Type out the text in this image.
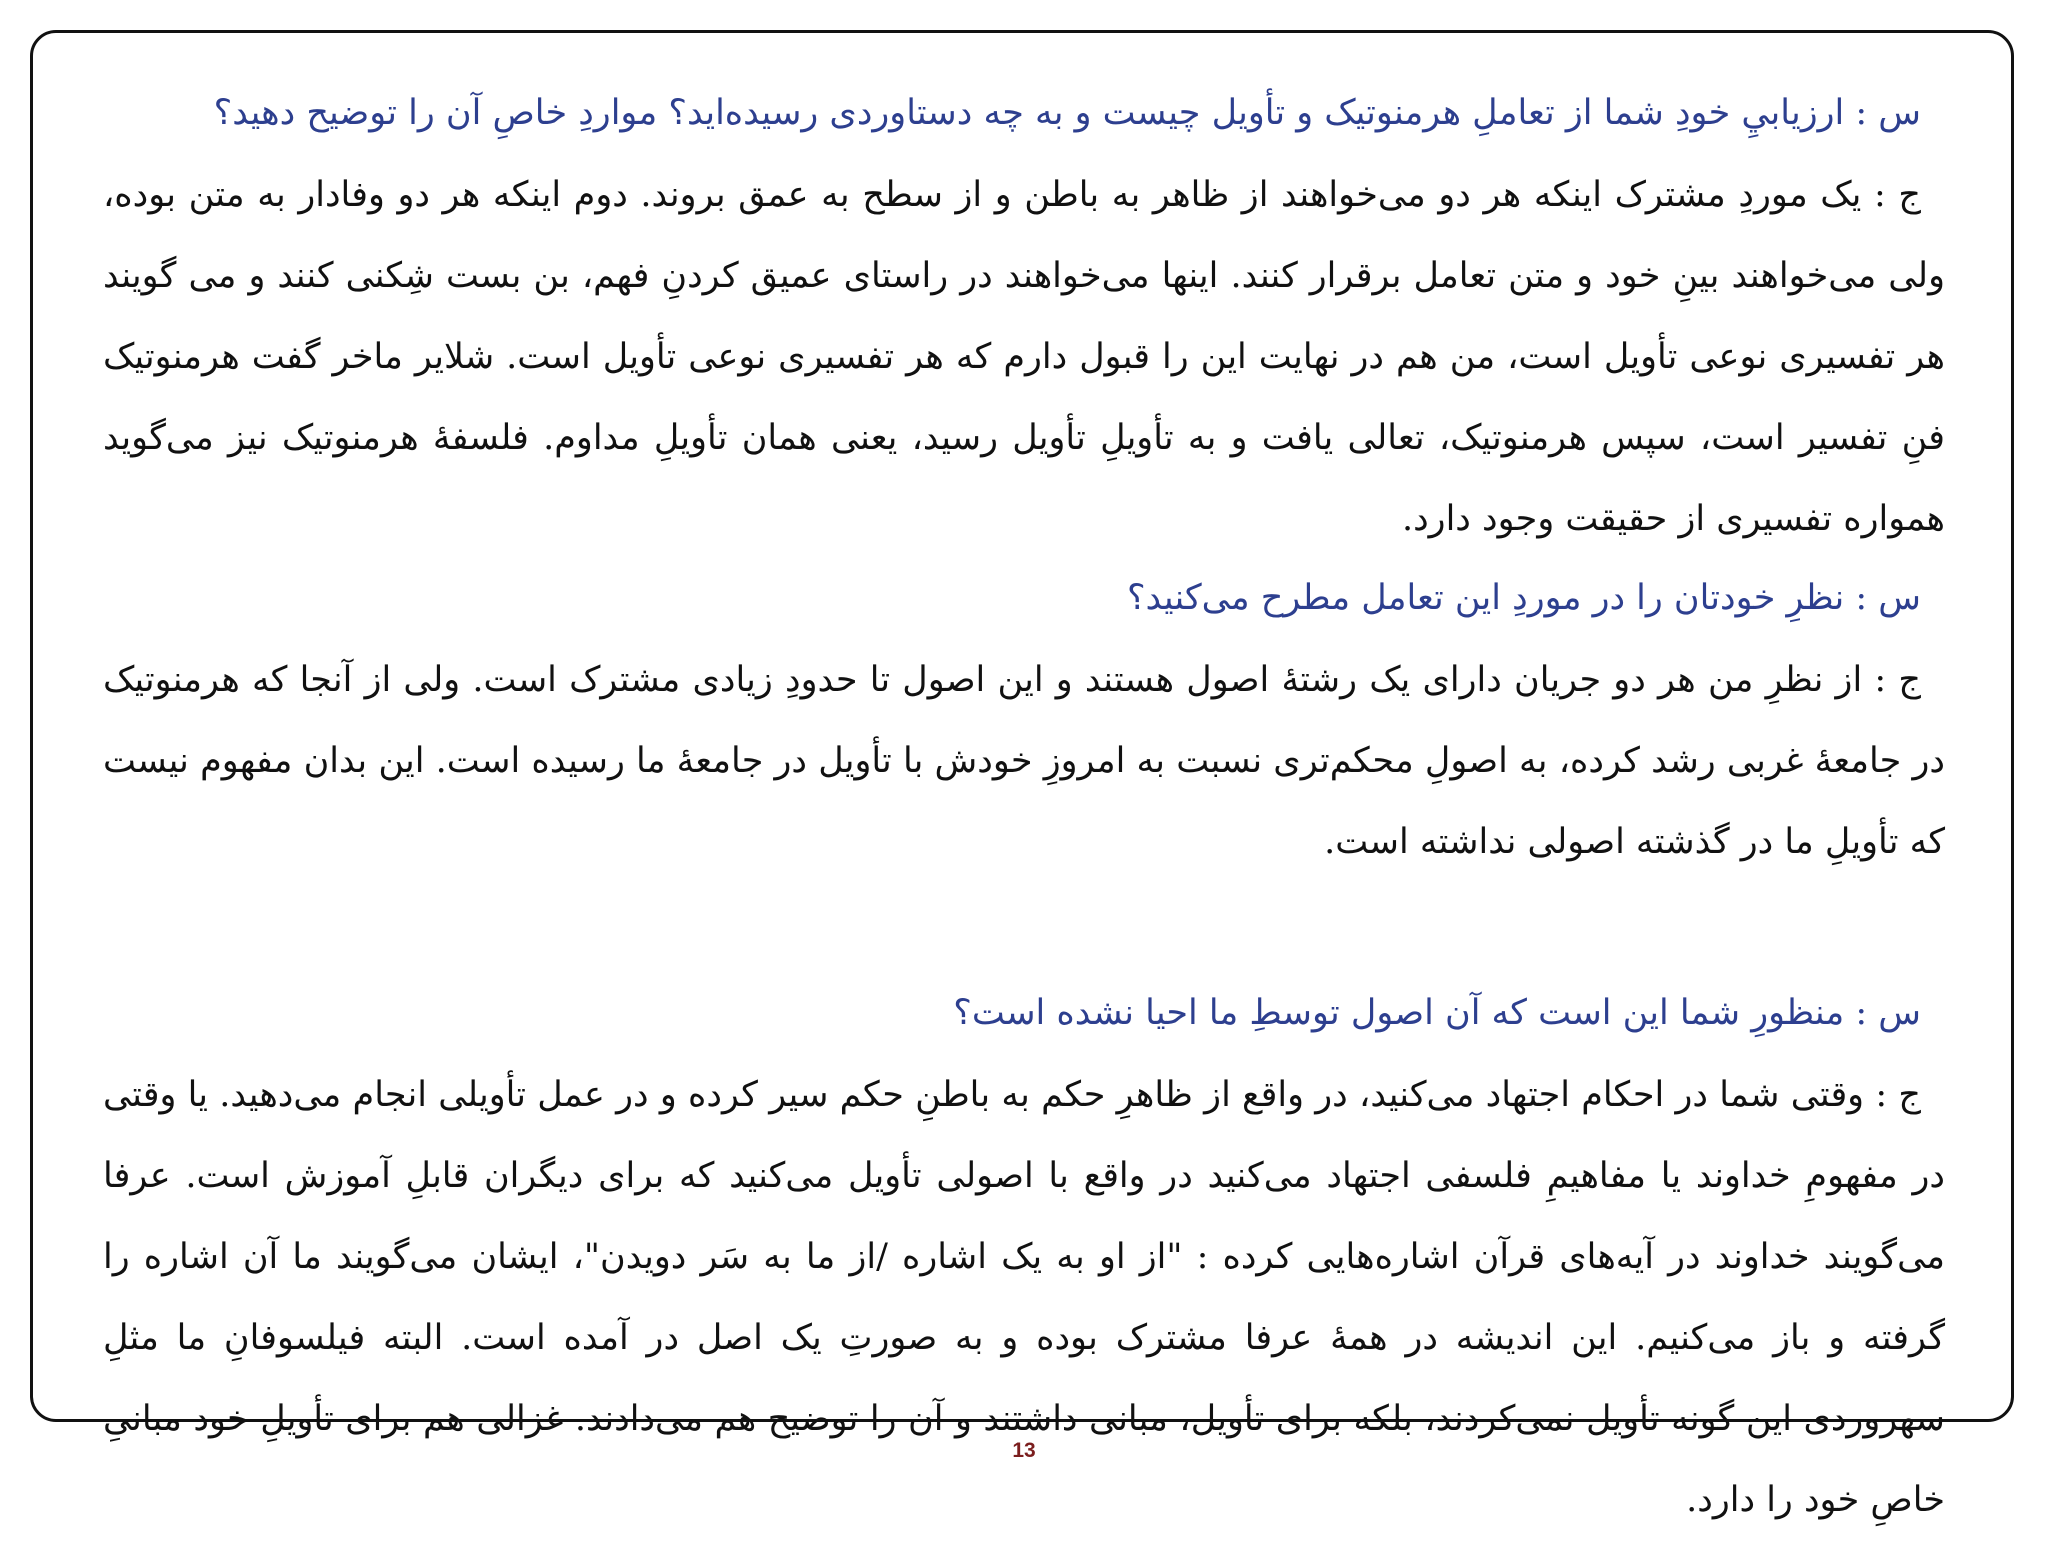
س : ارزيابيِ خودِ شما از تعاملِ هرمنوتيک و تأويل چيست و به چه دستاوردی رسيده‌ايد؟ مواردِ خاصِ آن را توضيح دهيد؟

ج : يک موردِ مشترک اينکه هر دو می‌خواهند از ظاهر به باطن و از سطح به عمق بروند. دوم اينکه هر دو وفادار به متن بوده، ولی می‌خواهند بينِ خود و متن تعامل برقرار کنند. اينها می‌خواهند در راستای عميق کردنِ فهم، بن بست شِکنی کنند و می گويند هر تفسيری نوعی تأويل است، من هم در نهايت اين را قبول دارم که هر تفسيری نوعی تأويل است. شلاير ماخر گفت هرمنوتيک فنِ تفسير است، سپس هرمنوتيک، تعالی يافت و به تأويلِ تأويل رسيد، يعنی همان تأويلِ مداوم. فلسفهٔ هرمنوتيک نيز می‌گويد همواره تفسيری از حقيقت وجود دارد.

س : نظرِ خودتان را در موردِ اين تعامل مطرح می‌کنيد؟

ج : از نظرِ من هر دو جريان دارای يک رشتهٔ اصول هستند و اين اصول تا حدودِ زيادی مشترک است. ولی از آنجا که هرمنوتيک در جامعهٔ غربی رشد کرده، به اصولِ محکم‌تری نسبت به امروزِ خودش با تأويل در جامعهٔ ما رسيده است. اين بدان مفهوم نيست که تأويلِ ما در گذشته اصولی نداشته است.

س : منظورِ شما اين است که آن اصول توسطِ ما احيا نشده است؟

ج : وقتی شما در احکام اجتهاد می‌کنيد، در واقع از ظاهرِ حکم به باطنِ حکم سير کرده و در عمل تأويلی انجام می‌دهيد. يا وقتی در مفهومِ خداوند يا مفاهيمِ فلسفی اجتهاد می‌کنيد در واقع با اصولی تأويل می‌کنيد که برای ديگران قابلِ آموزش است. عرفا می‌گويند خداوند در آيه‌های قرآن اشاره‌هايی کرده : "از او به يک اشاره /از ما به سَر دويدن"، ايشان می‌گويند ما آن اشاره را گرفته و باز می‌کنيم. اين انديشه در همهٔ عرفا مشترک بوده و به صورتِ يک اصل در آمده است. البته فيلسوفانِ ما مثلِ سهروردی اين گونه تأويل نمی‌کردند، بلکه برای تأويل، مبانی داشتند و آن را توضيح هم می‌دادند. غزالی هم برای تأويلِ خود مبانیِ خاصِ خود را دارد.

13
